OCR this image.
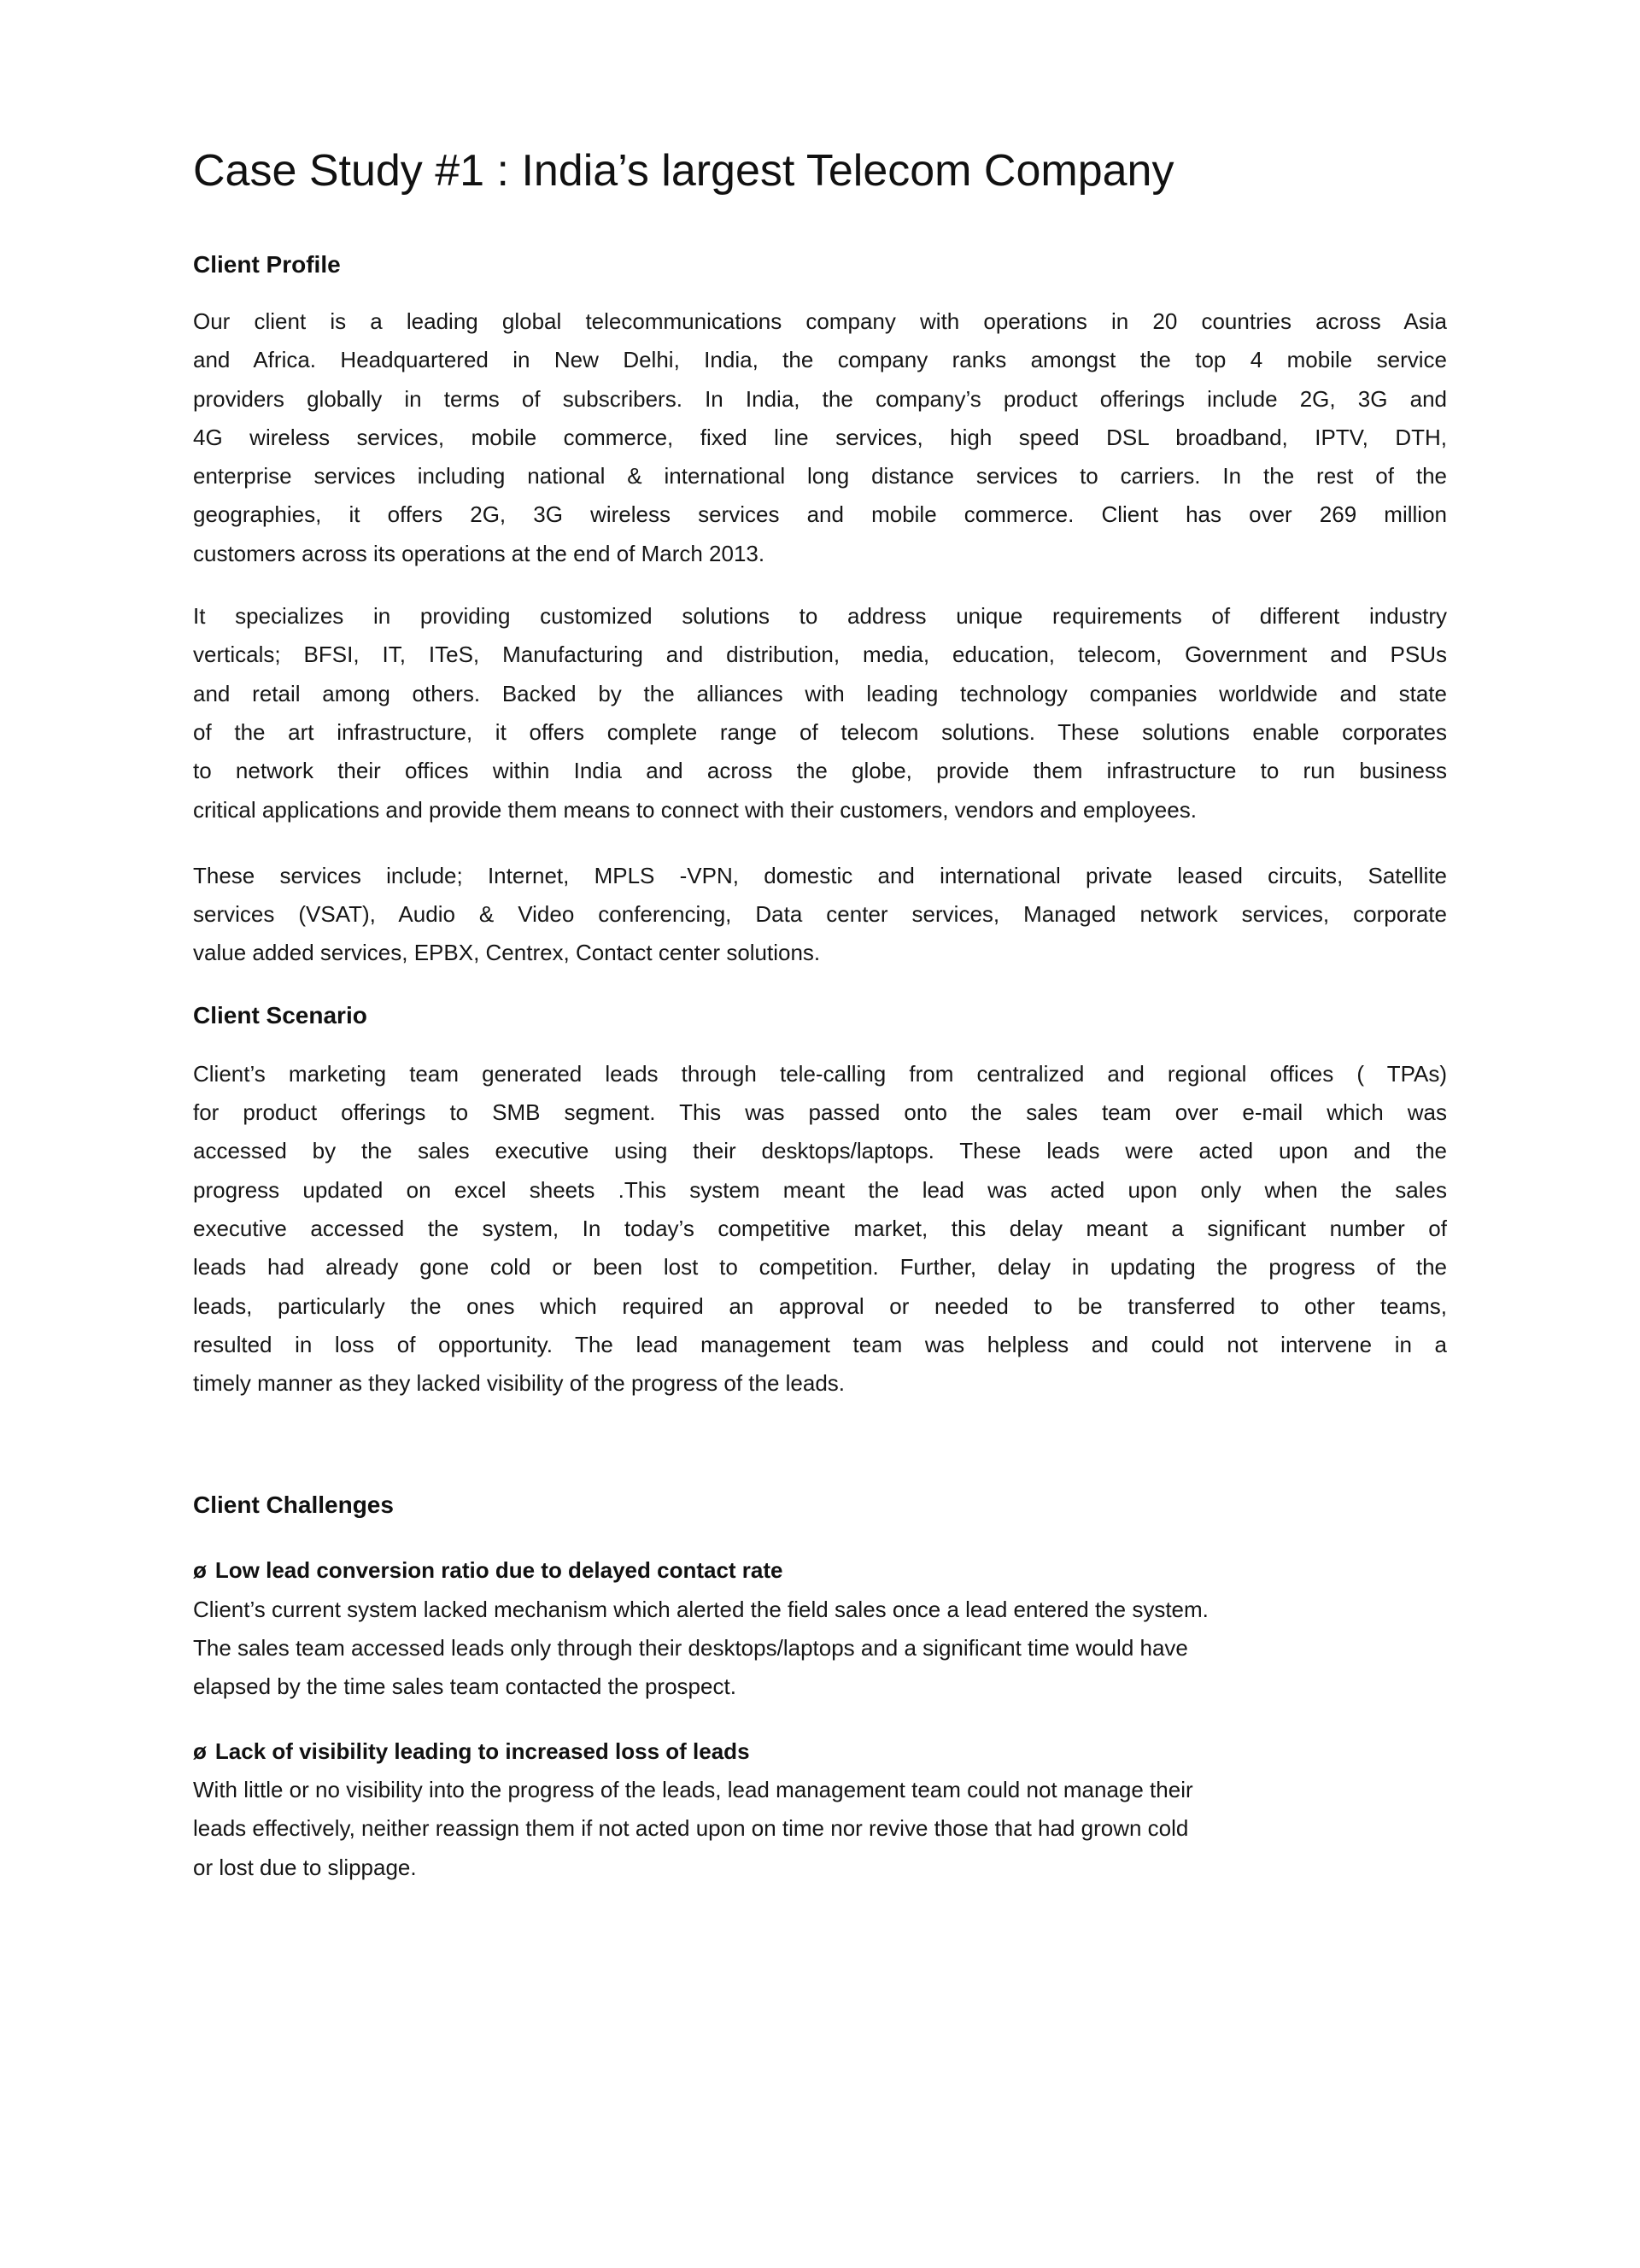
Case Study #1 : India’s largest Telecom Company
Client Profile
Our client is a leading global telecommunications company with operations in 20 countries across Asia
and Africa. Headquartered in New Delhi, India, the company ranks amongst the top 4 mobile service
providers globally in terms of subscribers. In India, the company’s product offerings include 2G, 3G and
4G wireless services, mobile commerce, fixed line services, high speed DSL broadband, IPTV, DTH,
enterprise services including national & international long distance services to carriers. In the rest of the
geographies, it offers 2G, 3G wireless services and mobile commerce. Client has over 269 million
customers across its operations at the end of March 2013.
It specializes in providing customized solutions to address unique requirements of different industry
verticals; BFSI, IT, ITeS, Manufacturing and distribution, media, education, telecom, Government and PSUs
and retail among others. Backed by the alliances with leading technology companies worldwide and state
of the art infrastructure, it offers complete range of telecom solutions. These solutions enable corporates
to network their offices within India and across the globe, provide them infrastructure to run business
critical applications and provide them means to connect with their customers, vendors and employees.
These services include; Internet, MPLS -VPN, domestic and international private leased circuits, Satellite
services (VSAT), Audio & Video conferencing, Data center services, Managed network services, corporate
value added services, EPBX, Centrex, Contact center solutions.
Client Scenario
Client’s marketing team generated leads through tele-calling from centralized and regional offices ( TPAs)
for product offerings to SMB segment. This was passed onto the sales team over e-mail which was
accessed by the sales executive using their desktops/laptops. These leads were acted upon and the
progress updated on excel sheets .This system meant the lead was acted upon only when the sales
executive accessed the system, In today’s competitive market, this delay meant a significant number of
leads had already gone cold or been lost to competition. Further, delay in updating the progress of the
leads, particularly the ones which required an approval or needed to be transferred to other teams,
resulted in loss of opportunity. The lead management team was helpless and could not intervene in a
timely manner as they lacked visibility of the progress of the leads.
Client Challenges
ø Low lead conversion ratio due to delayed contact rate
Client’s current system lacked mechanism which alerted the field sales once a lead entered the system.
The sales team accessed leads only through their desktops/laptops and a significant time would have
elapsed by the time sales team contacted the prospect.
ø Lack of visibility leading to increased loss of leads
With little or no visibility into the progress of the leads, lead management team could not manage their
leads effectively, neither reassign them if not acted upon on time nor revive those that had grown cold
or lost due to slippage.
